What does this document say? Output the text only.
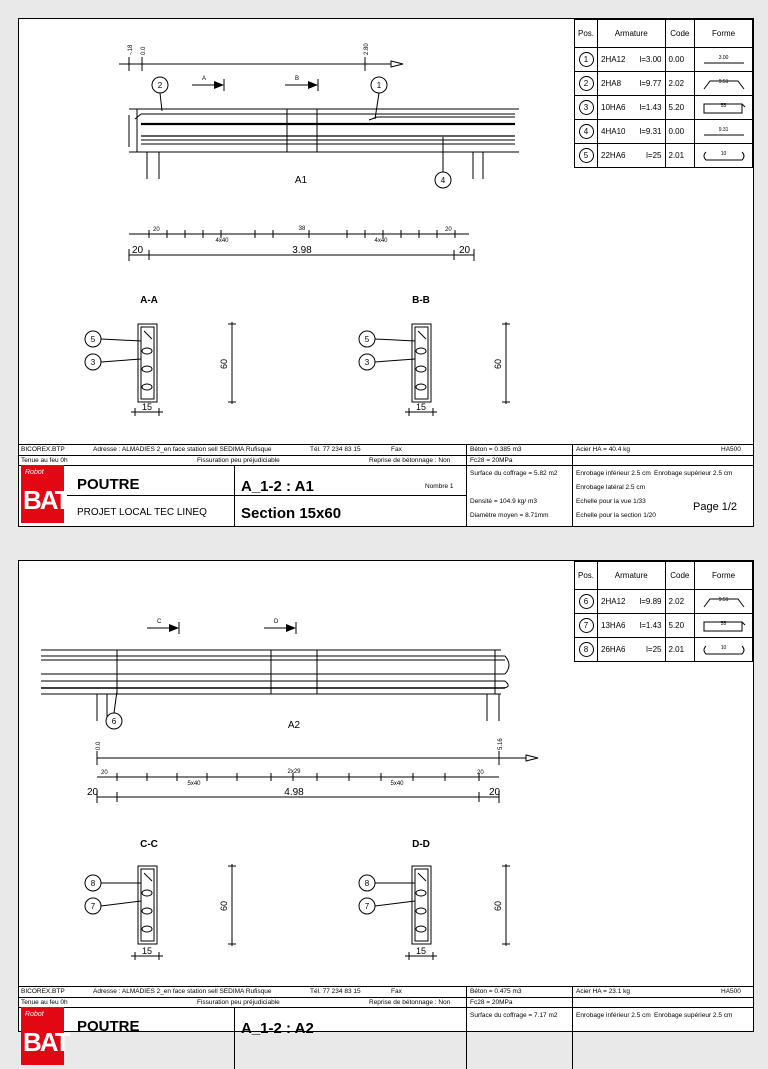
-.18 0.0	2.80
A	B
2	1
4
A1
20	38	20
4x40	4x40
20	3.98	20
A-A
5
3	60
15
B-B
5
3	60
15
Pos.	Armature		Code	Forme
1	2HA12	l=3.00	0.00	3.00

2	2HA8	l=9.77	2.02	9.51

3	10HA6	l=1.43	5.20	55

4	4HA10	l=9.31	0.00	9.31

5	22HA6	l=25	2.01	10
BICOREX.BTP	Adresse : ALMADIES 2_en face station sell SEDIMA Rufisque	Tél. 77 234 83 15	Fax
Tenue au feu 0h	Fissuration peu préjudiciable	Reprise de bétonnage : Non
Robot
BAT
POUTRE
PROJET LOCAL TEC LINEQ
A_1-2 : A1	Nombre 1
Section 15x60
Béton = 0.385 m3
Fc28 = 20MPa
Surface du coffrage = 5.82 m2
Densité = 104.9 kg/ m3
Diamètre moyen = 8.71mm
Acier HA = 40.4 kg	HA500
Enrobage inférieur 2.5 cm Enrobage supérieur 2.5 cm
Enrobage latéral 2.5 cm
Echelle pour la vue 1/33
Echelle pour la section 1/20
Page 1/2
C	D
6	A2
0.0	5.16
20	2x29	20
5x40	5x40
20	4.98	20
C-C
8
7	60
15
D-D
8
7	60
15
Pos.	Armature		Code	Forme
6	2HA12	l=9.89	2.02	9.51

7	13HA6	l=1.43	5.20	55

8	26HA6	l=25	2.01	10
BICOREX.BTP	Adresse : ALMADIES 2_en face station sell SEDIMA Rufisque	Tél. 77 234 83 15	Fax
Tenue au feu 0h	Fissuration peu préjudiciable	Reprise de bétonnage : Non
Robot
BAT
POUTRE	A_1-2 : A2
Béton = 0.475 m3
Fc28 = 20MPa
Surface du coffrage = 7.17 m2
Acier HA = 23.1 kg	HA500
Enrobage inférieur 2.5 cm Enrobage supérieur 2.5 cm
